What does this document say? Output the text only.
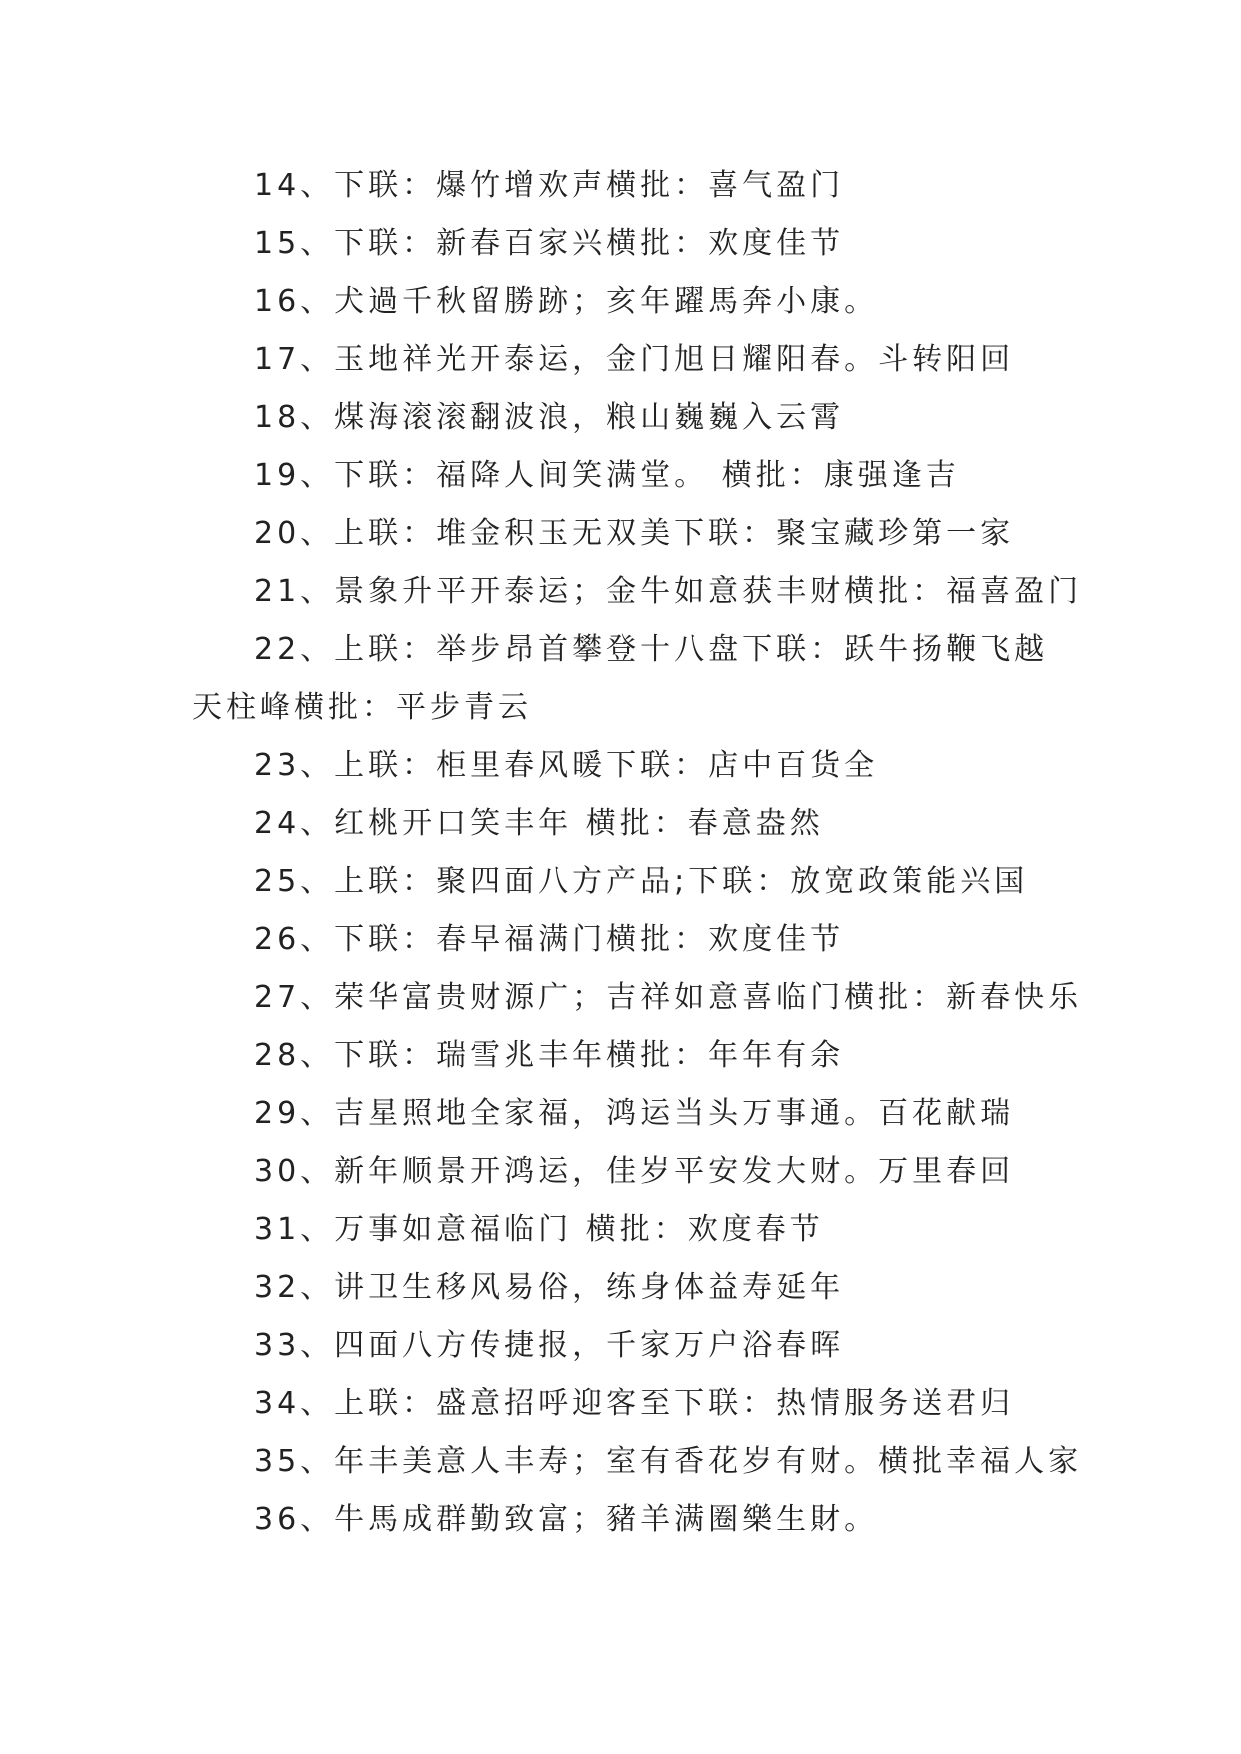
14、下联：爆竹增欢声横批：喜气盈门
15、下联：新春百家兴横批：欢度佳节
16、犬過千秋留勝跡；亥年躍馬奔小康。
17、玉地祥光开泰运，金门旭日耀阳春。斗转阳回
18、煤海滚滚翻波浪，粮山巍巍入云霄
19、下联：福降人间笑满堂。 横批：康强逢吉
20、上联：堆金积玉无双美下联：聚宝藏珍第一家
21、景象升平开泰运；金牛如意获丰财横批：福喜盈门
22、上联：举步昂首攀登十八盘下联：跃牛扬鞭飞越天柱峰横批：平步青云
23、上联：柜里春风暖下联：店中百货全
24、红桃开口笑丰年 横批：春意盎然
25、上联：聚四面八方产品;下联：放宽政策能兴国
26、下联：春早福满门横批：欢度佳节
27、荣华富贵财源广；吉祥如意喜临门横批：新春快乐
28、下联：瑞雪兆丰年横批：年年有余
29、吉星照地全家福，鸿运当头万事通。百花献瑞
30、新年顺景开鸿运，佳岁平安发大财。万里春回
31、万事如意福临门 横批：欢度春节
32、讲卫生移风易俗，练身体益寿延年
33、四面八方传捷报，千家万户浴春晖
34、上联：盛意招呼迎客至下联：热情服务送君归
35、年丰美意人丰寿；室有香花岁有财。横批幸福人家
36、牛馬成群勤致富；豬羊满圈樂生財。
